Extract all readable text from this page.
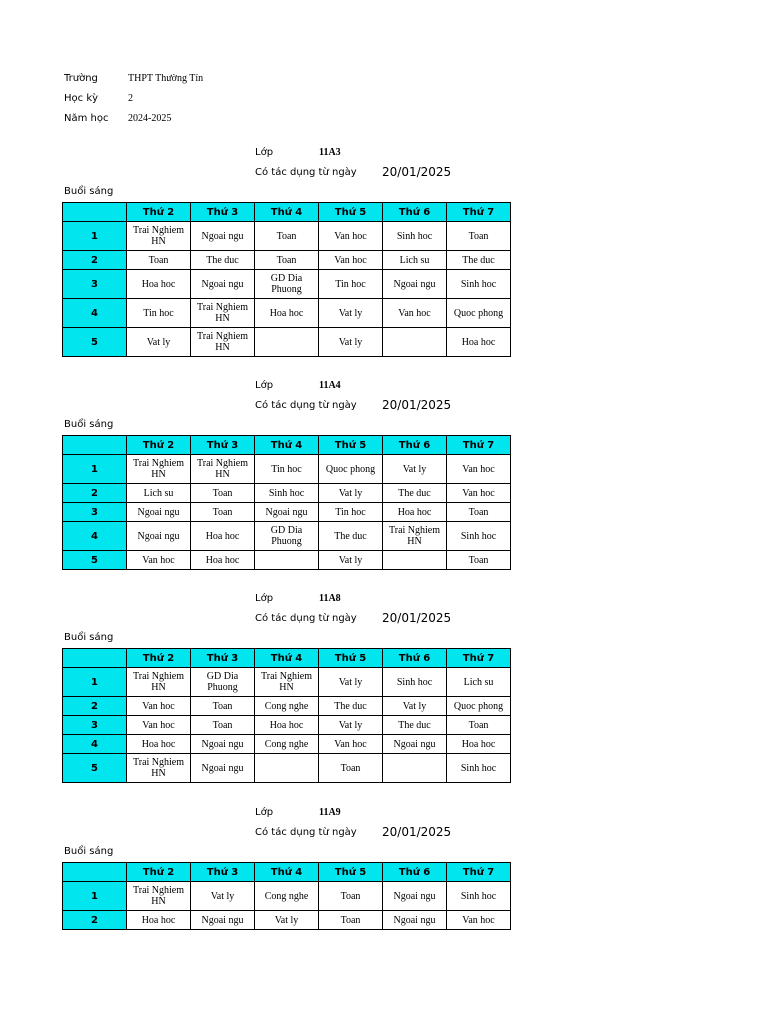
Trường	THPT Thường Tín
Học kỳ	2
Năm học	2024-2025
Lớp	11A3
Có tác dụng từ ngày 20/01/2025
Buổi sáng
	Thứ 2	Thứ 3	Thứ 4	Thứ 5	Thứ 6	Thứ 7
1	Trai Nghiem HN	Ngoai ngu	Toan	Van hoc	Sinh hoc	Toan
2	Toan	The duc	Toan	Van hoc	Lich su	The duc
3	Hoa hoc	Ngoai ngu	GD Dia Phuong	Tin hoc	Ngoai ngu	Sinh hoc
4	Tin hoc	Trai Nghiem HN	Hoa hoc	Vat ly	Van hoc	Quoc phong
5	Vat ly	Trai Nghiem HN		Vat ly		Hoa hoc
Lớp	11A4
Có tác dụng từ ngày 20/01/2025
Buổi sáng
	Thứ 2	Thứ 3	Thứ 4	Thứ 5	Thứ 6	Thứ 7
1	Trai Nghiem HN	Trai Nghiem HN	Tin hoc	Quoc phong	Vat ly	Van hoc
2	Lich su	Toan	Sinh hoc	Vat ly	The duc	Van hoc
3	Ngoai ngu	Toan	Ngoai ngu	Tin hoc	Hoa hoc	Toan
4	Ngoai ngu	Hoa hoc	GD Dia Phuong	The duc	Trai Nghiem HN	Sinh hoc
5	Van hoc	Hoa hoc		Vat ly		Toan
Lớp	11A8
Có tác dụng từ ngày 20/01/2025
Buổi sáng
	Thứ 2	Thứ 3	Thứ 4	Thứ 5	Thứ 6	Thứ 7
1	Trai Nghiem HN	GD Dia Phuong	Trai Nghiem HN	Vat ly	Sinh hoc	Lich su
2	Van hoc	Toan	Cong nghe	The duc	Vat ly	Quoc phong
3	Van hoc	Toan	Hoa hoc	Vat ly	The duc	Toan
4	Hoa hoc	Ngoai ngu	Cong nghe	Van hoc	Ngoai ngu	Hoa hoc
5	Trai Nghiem HN	Ngoai ngu		Toan		Sinh hoc
Lớp	11A9
Có tác dụng từ ngày 20/01/2025
Buổi sáng
	Thứ 2	Thứ 3	Thứ 4	Thứ 5	Thứ 6	Thứ 7
1	Trai Nghiem HN	Vat ly	Cong nghe	Toan	Ngoai ngu	Sinh hoc
2	Hoa hoc	Ngoai ngu	Vat ly	Toan	Ngoai ngu	Van hoc
